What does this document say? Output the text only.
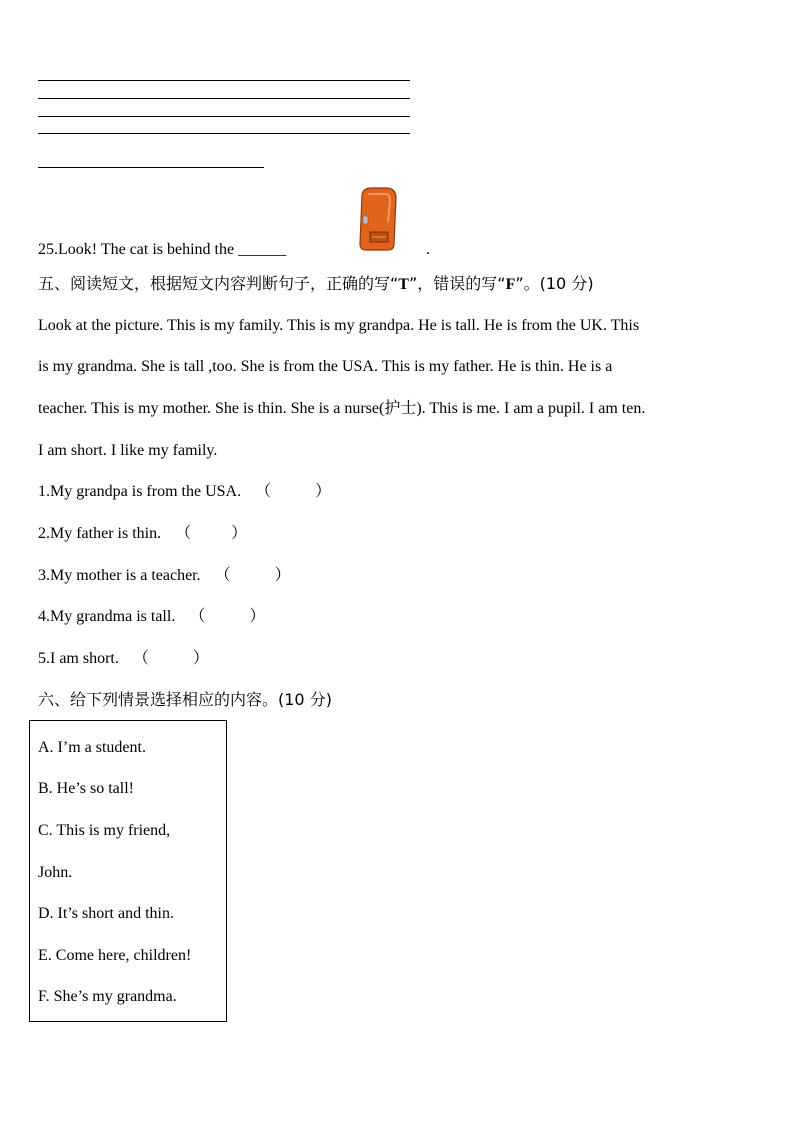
25.Look! The cat is behind the ______	.
五、阅读短文，根据短文内容判断句子，正确的写“T”，错误的写“F”。(10 分)
Look at the picture. This is my family. This is my grandpa. He is tall. He is from the UK. This
is my grandma. She is tall ,too. She is from the USA. This is my father. He is thin. He is a
teacher. This is my mother. She is thin. She is a nurse(护士). This is me. I am a pupil. I am ten.
I am short. I like my family.
1.My grandpa is from the USA. （	）
2.My father is thin. （	）
3.My mother is a teacher. （	）
4.My grandma is tall. （	）
5.I am short. （	）
六、给下列情景选择相应的内容。(10 分)
A. I’m a student.
B. He’s so tall!
C. This is my friend,
John.
D. It’s short and thin.
E. Come here, children!
F. She’s my grandma.
